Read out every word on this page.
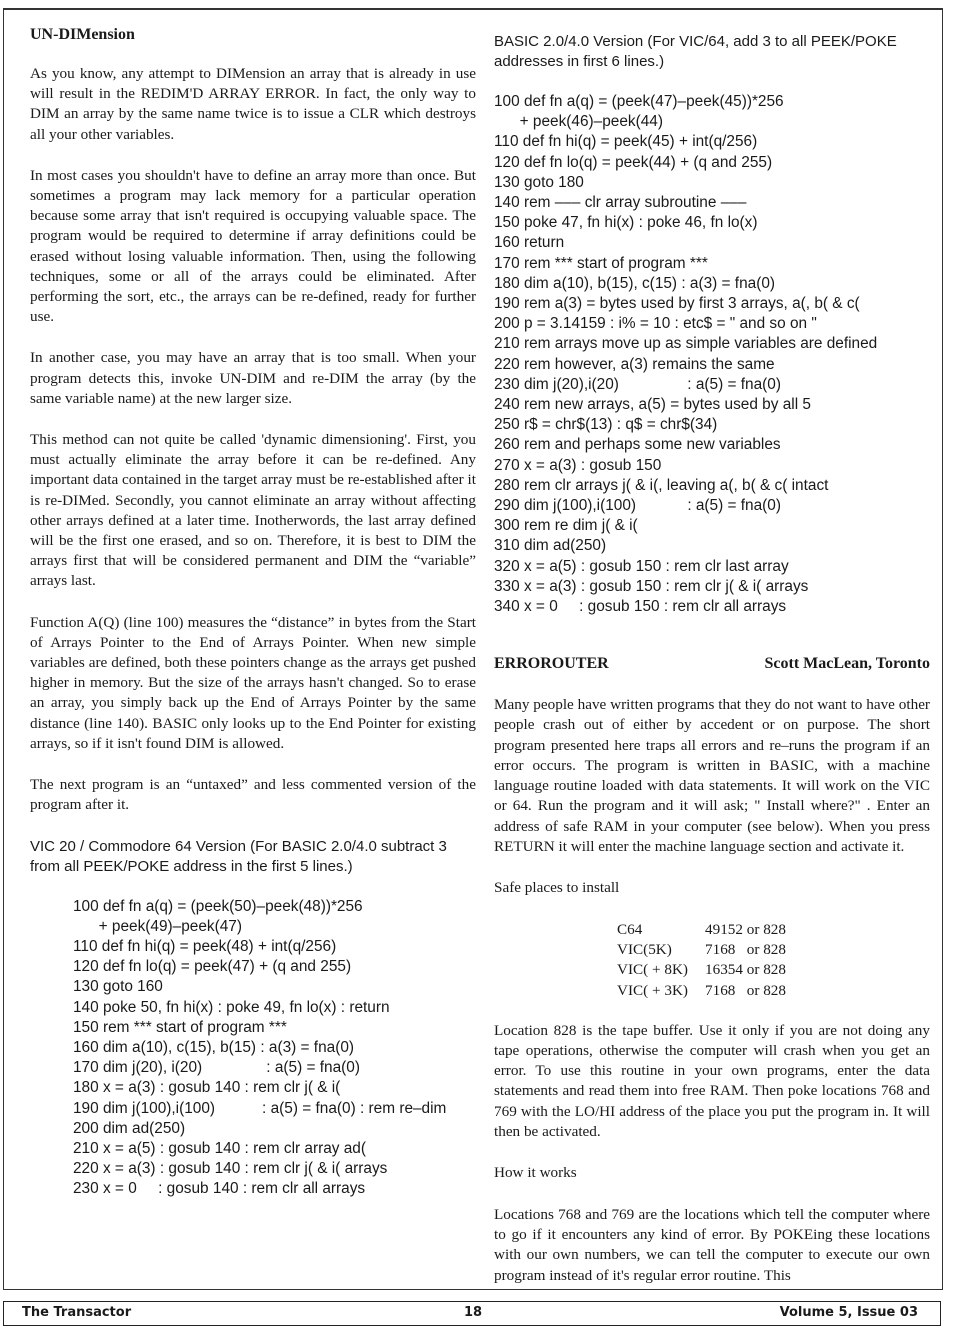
UN-DIMension

As you know, any attempt to DIMension an array that is already in use will result in the REDIM'D ARRAY ERROR. In fact, the only way to DIM an array by the same name twice is to issue a CLR which destroys all your other variables.

In most cases you shouldn't have to define an array more than once. But sometimes a program may lack memory for a particular operation because some array that isn't required is occupying valuable space. The program would be required to determine if array definitions could be erased without losing valuable information. Then, using the following techniques, some or all of the arrays could be eliminated. After performing the sort, etc., the arrays can be re-defined, ready for further use.

In another case, you may have an array that is too small. When your program detects this, invoke UN-DIM and re-DIM the array (by the same variable name) at the new larger size.

This method can not quite be called 'dynamic dimensioning'. First, you must actually eliminate the array before it can be re-defined. Any important data contained in the target array must be re-established after it is re-DIMed. Secondly, you cannot eliminate an array without affecting other arrays defined at a later time. Inotherwords, the last array defined will be the first one erased, and so on. Therefore, it is best to DIM the arrays first that will be considered permanent and DIM the “variable” arrays last.

Function A(Q) (line 100) measures the “distance” in bytes from the Start of Arrays Pointer to the End of Arrays Pointer. When new simple variables are defined, both these pointers change as the arrays get pushed higher in memory. But the size of the arrays hasn't changed. So to erase an array, you simply back up the End of Arrays Pointer by the same distance (line 140). BASIC only looks up to the End Pointer for existing arrays, so if it isn't found DIM is allowed.

The next program is an “untaxed” and less commented version of the program after it.

VIC 20 / Commodore 64 Version (For BASIC 2.0/4.0 subtract 3 from all PEEK/POKE address in the first 5 lines.)

100 def fn a(q) = (peek(50)–peek(48))*256
+ peek(49)–peek(47)
110 def fn hi(q) = peek(48) + int(q/256)
120 def fn lo(q) = peek(47) + (q and 255)
130 goto 160
140 poke 50, fn hi(x) : poke 49, fn lo(x) : return
150 rem *** start of program ***
160 dim a(10), c(15), b(15) : a(3) = fna(0)
170 dim j(20), i(20)               : a(5) = fna(0)
180 x = a(3) : gosub 140 : rem clr j( & i(
190 dim j(100),i(100)           : a(5) = fna(0) : rem re–dim
200 dim ad(250)
210 x = a(5) : gosub 140 : rem clr array ad(
220 x = a(3) : gosub 140 : rem clr j( & i( arrays
230 x = 0     : gosub 140 : rem clr all arrays

BASIC 2.0/4.0 Version (For VIC/64, add 3 to all PEEK/POKE addresses in first 6 lines.)

100 def fn a(q) = (peek(47)–peek(45))*256
+ peek(46)–peek(44)
110 def fn hi(q) = peek(45) + int(q/256)
120 def fn lo(q) = peek(44) + (q and 255)
130 goto 180
140 rem ––– clr array subroutine –––
150 poke 47, fn hi(x) : poke 46, fn lo(x)
160 return
170 rem *** start of program ***
180 dim a(10), b(15), c(15) : a(3) = fna(0)
190 rem a(3) = bytes used by first 3 arrays, a(, b( & c(
200 p = 3.14159 : i% = 10 : etc$ = " and so on "
210 rem arrays move up as simple variables are defined
220 rem however, a(3) remains the same
230 dim j(20),i(20)                : a(5) = fna(0)
240 rem new arrays, a(5) = bytes used by all 5
250 r$ = chr$(13) : q$ = chr$(34)
260 rem and perhaps some new variables
270 x = a(3) : gosub 150
280 rem clr arrays j( & i(, leaving a(, b( & c( intact
290 dim j(100),i(100)            : a(5) = fna(0)
300 rem re dim j( & i(
310 dim ad(250)
320 x = a(5) : gosub 150 : rem clr last array
330 x = a(3) : gosub 150 : rem clr j( & i( arrays
340 x = 0     : gosub 150 : rem clr all arrays
ERROROUTER	Scott MacLean, Toronto

Many people have written programs that they do not want to have other people crash out of either by accedent or on purpose. The short program presented here traps all errors and re–runs the program if an error occurs. The program is written in BASIC, with a machine language routine loaded with data statements. It will work on the VIC or 64. Run the program and it will ask; " Install where?" . Enter an address of safe RAM in your computer (see below). When you press RETURN it will enter the machine language section and activate it.

Safe places to install

C64	49152 or 828
VIC(5K)	7168   or 828
VIC( + 8K)	16354 or 828
VIC( + 3K)	7168   or 828

Location 828 is the tape buffer. Use it only if you are not doing any tape operations, otherwise the computer will crash when you get an error. To use this routine in your own programs, enter the data statements and read them into free RAM. Then poke locations 768 and 769 with the LO/HI address of the place you put the program in. It will then be activated.

How it works

Locations 768 and 769 are the locations which tell the computer where to go if it encounters any kind of error. By POKEing these locations with our own numbers, we can tell the computer to execute our own program instead of it's regular error routine. This

The Transactor	18	Volume 5, Issue 03
